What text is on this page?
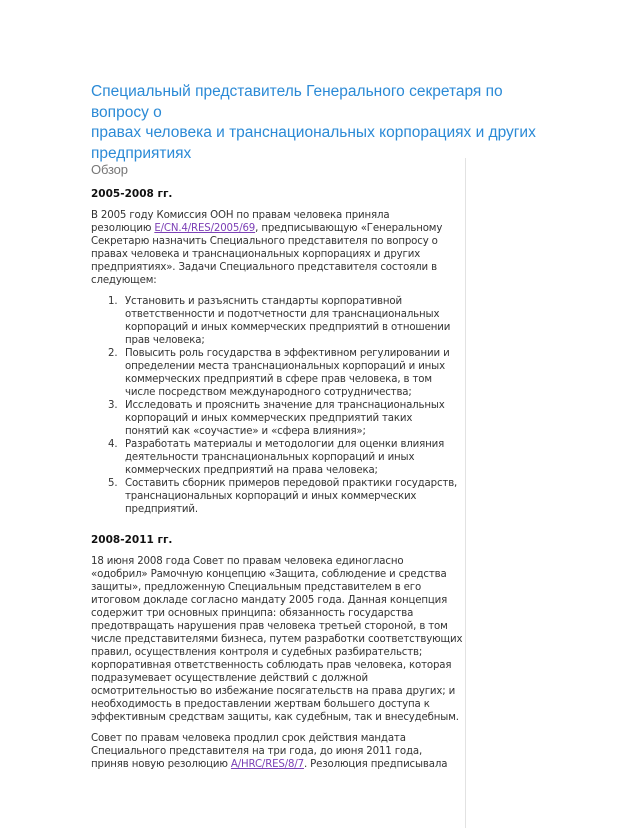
Специальный представитель Генерального секретаря по вопросу о
правах человека и транснациональных корпорациях и других
предприятиях
Обзор
2005-2008 гг.

В 2005 году Комиссия ООН по правам человека приняла
резолюцию E/CN.4/RES/2005/69, предписывающую «Генеральному
Секретарю назначить Специального представителя по вопросу о
правах человека и транснациональных корпорациях и других
предприятиях». Задачи Специального представителя состояли в
следующем:

1. Установить и разъяснить стандарты корпоративной
ответственности и подотчетности для транснациональных
корпораций и иных коммерческих предприятий в отношении
прав человека;
2. Повысить роль государства в эффективном регулировании и
определении места транснациональных корпораций и иных
коммерческих предприятий в сфере прав человека, в том
числе посредством международного сотрудничества;
3. Исследовать и прояснить значение для транснациональных
корпораций и иных коммерческих предприятий таких
понятий как «соучастие» и «сфера влияния»;
4. Разработать материалы и методологии для оценки влияния
деятельности транснациональных корпораций и иных
коммерческих предприятий на права человека;
5. Составить сборник примеров передовой практики государств,
транснациональных корпораций и иных коммерческих
предприятий.
2008-2011 гг.

18 июня 2008 года Совет по правам человека единогласно
«одобрил» Рамочную концепцию «Защита, соблюдение и средства
защиты», предложенную Специальным представителем в его
итоговом докладе согласно мандату 2005 года. Данная концепция
содержит три основных принципа: обязанность государства
предотвращать нарушения прав человека третьей стороной, в том
числе представителями бизнеса, путем разработки соответствующих
правил, осуществления контроля и судебных разбирательств;
корпоративная ответственность соблюдать прав человека, которая
подразумевает осуществление действий с должной
осмотрительностью во избежание посягательств на права других; и
необходимость в предоставлении жертвам большего доступа к
эффективным средствам защиты, как судебным, так и внесудебным.

Совет по правам человека продлил срок действия мандата
Специального представителя на три года, до июня 2011 года,
приняв новую резолюцию A/HRC/RES/8/7. Резолюция предписывала
